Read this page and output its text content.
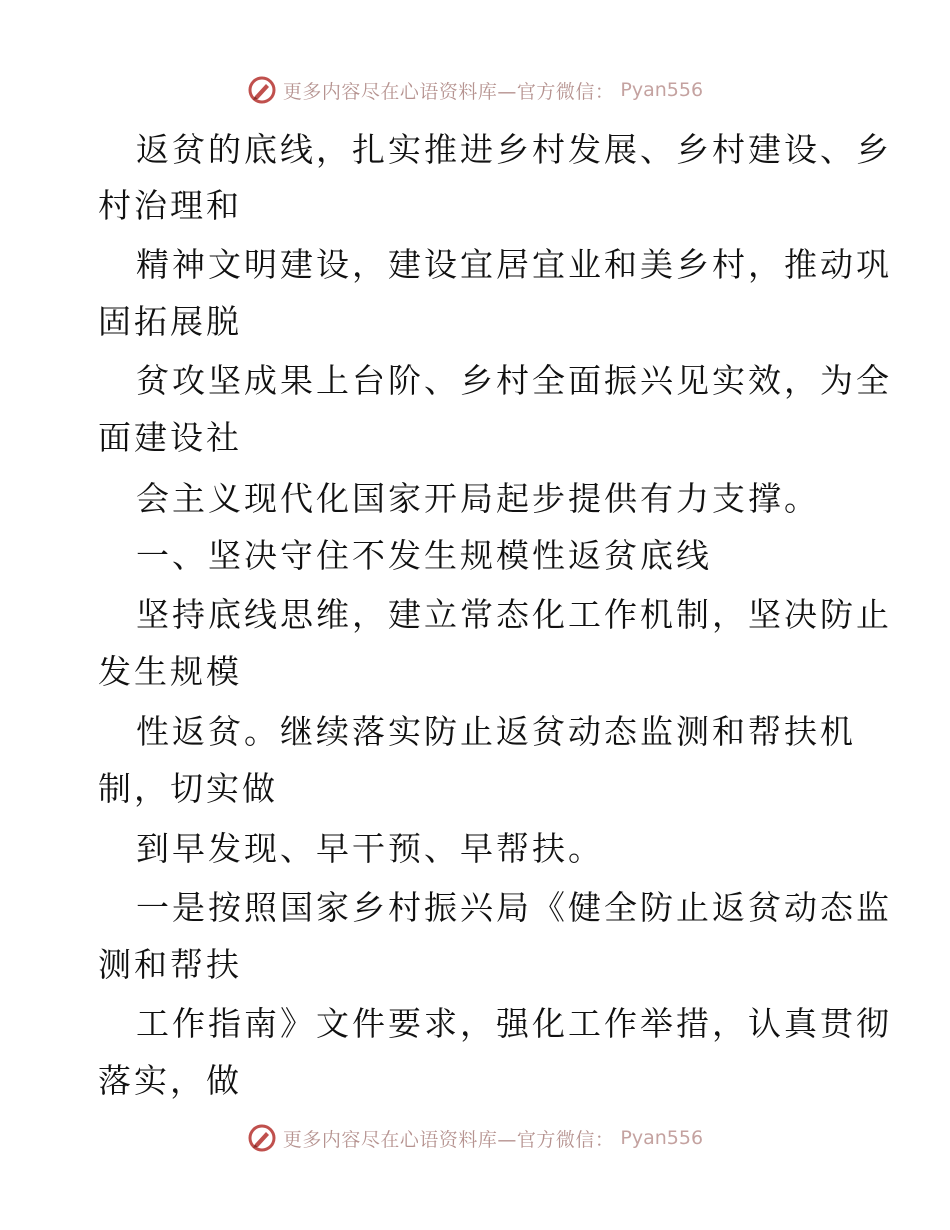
更多内容尽在心语资料库—官方微信： Pyan556
返贫的底线，扎实推进乡村发展、乡村建设、乡
村治理和
精神文明建设，建设宜居宜业和美乡村，推动巩
固拓展脱
贫攻坚成果上台阶、乡村全面振兴见实效，为全
面建设社
会主义现代化国家开局起步提供有力支撑。
一、坚决守住不发生规模性返贫底线
坚持底线思维，建立常态化工作机制，坚决防止
发生规模
性返贫。继续落实防止返贫动态监测和帮扶机
制，切实做
到早发现、早干预、早帮扶。
一是按照国家乡村振兴局《健全防止返贫动态监
测和帮扶
工作指南》文件要求，强化工作举措，认真贯彻
落实，做
更多内容尽在心语资料库—官方微信： Pyan556
